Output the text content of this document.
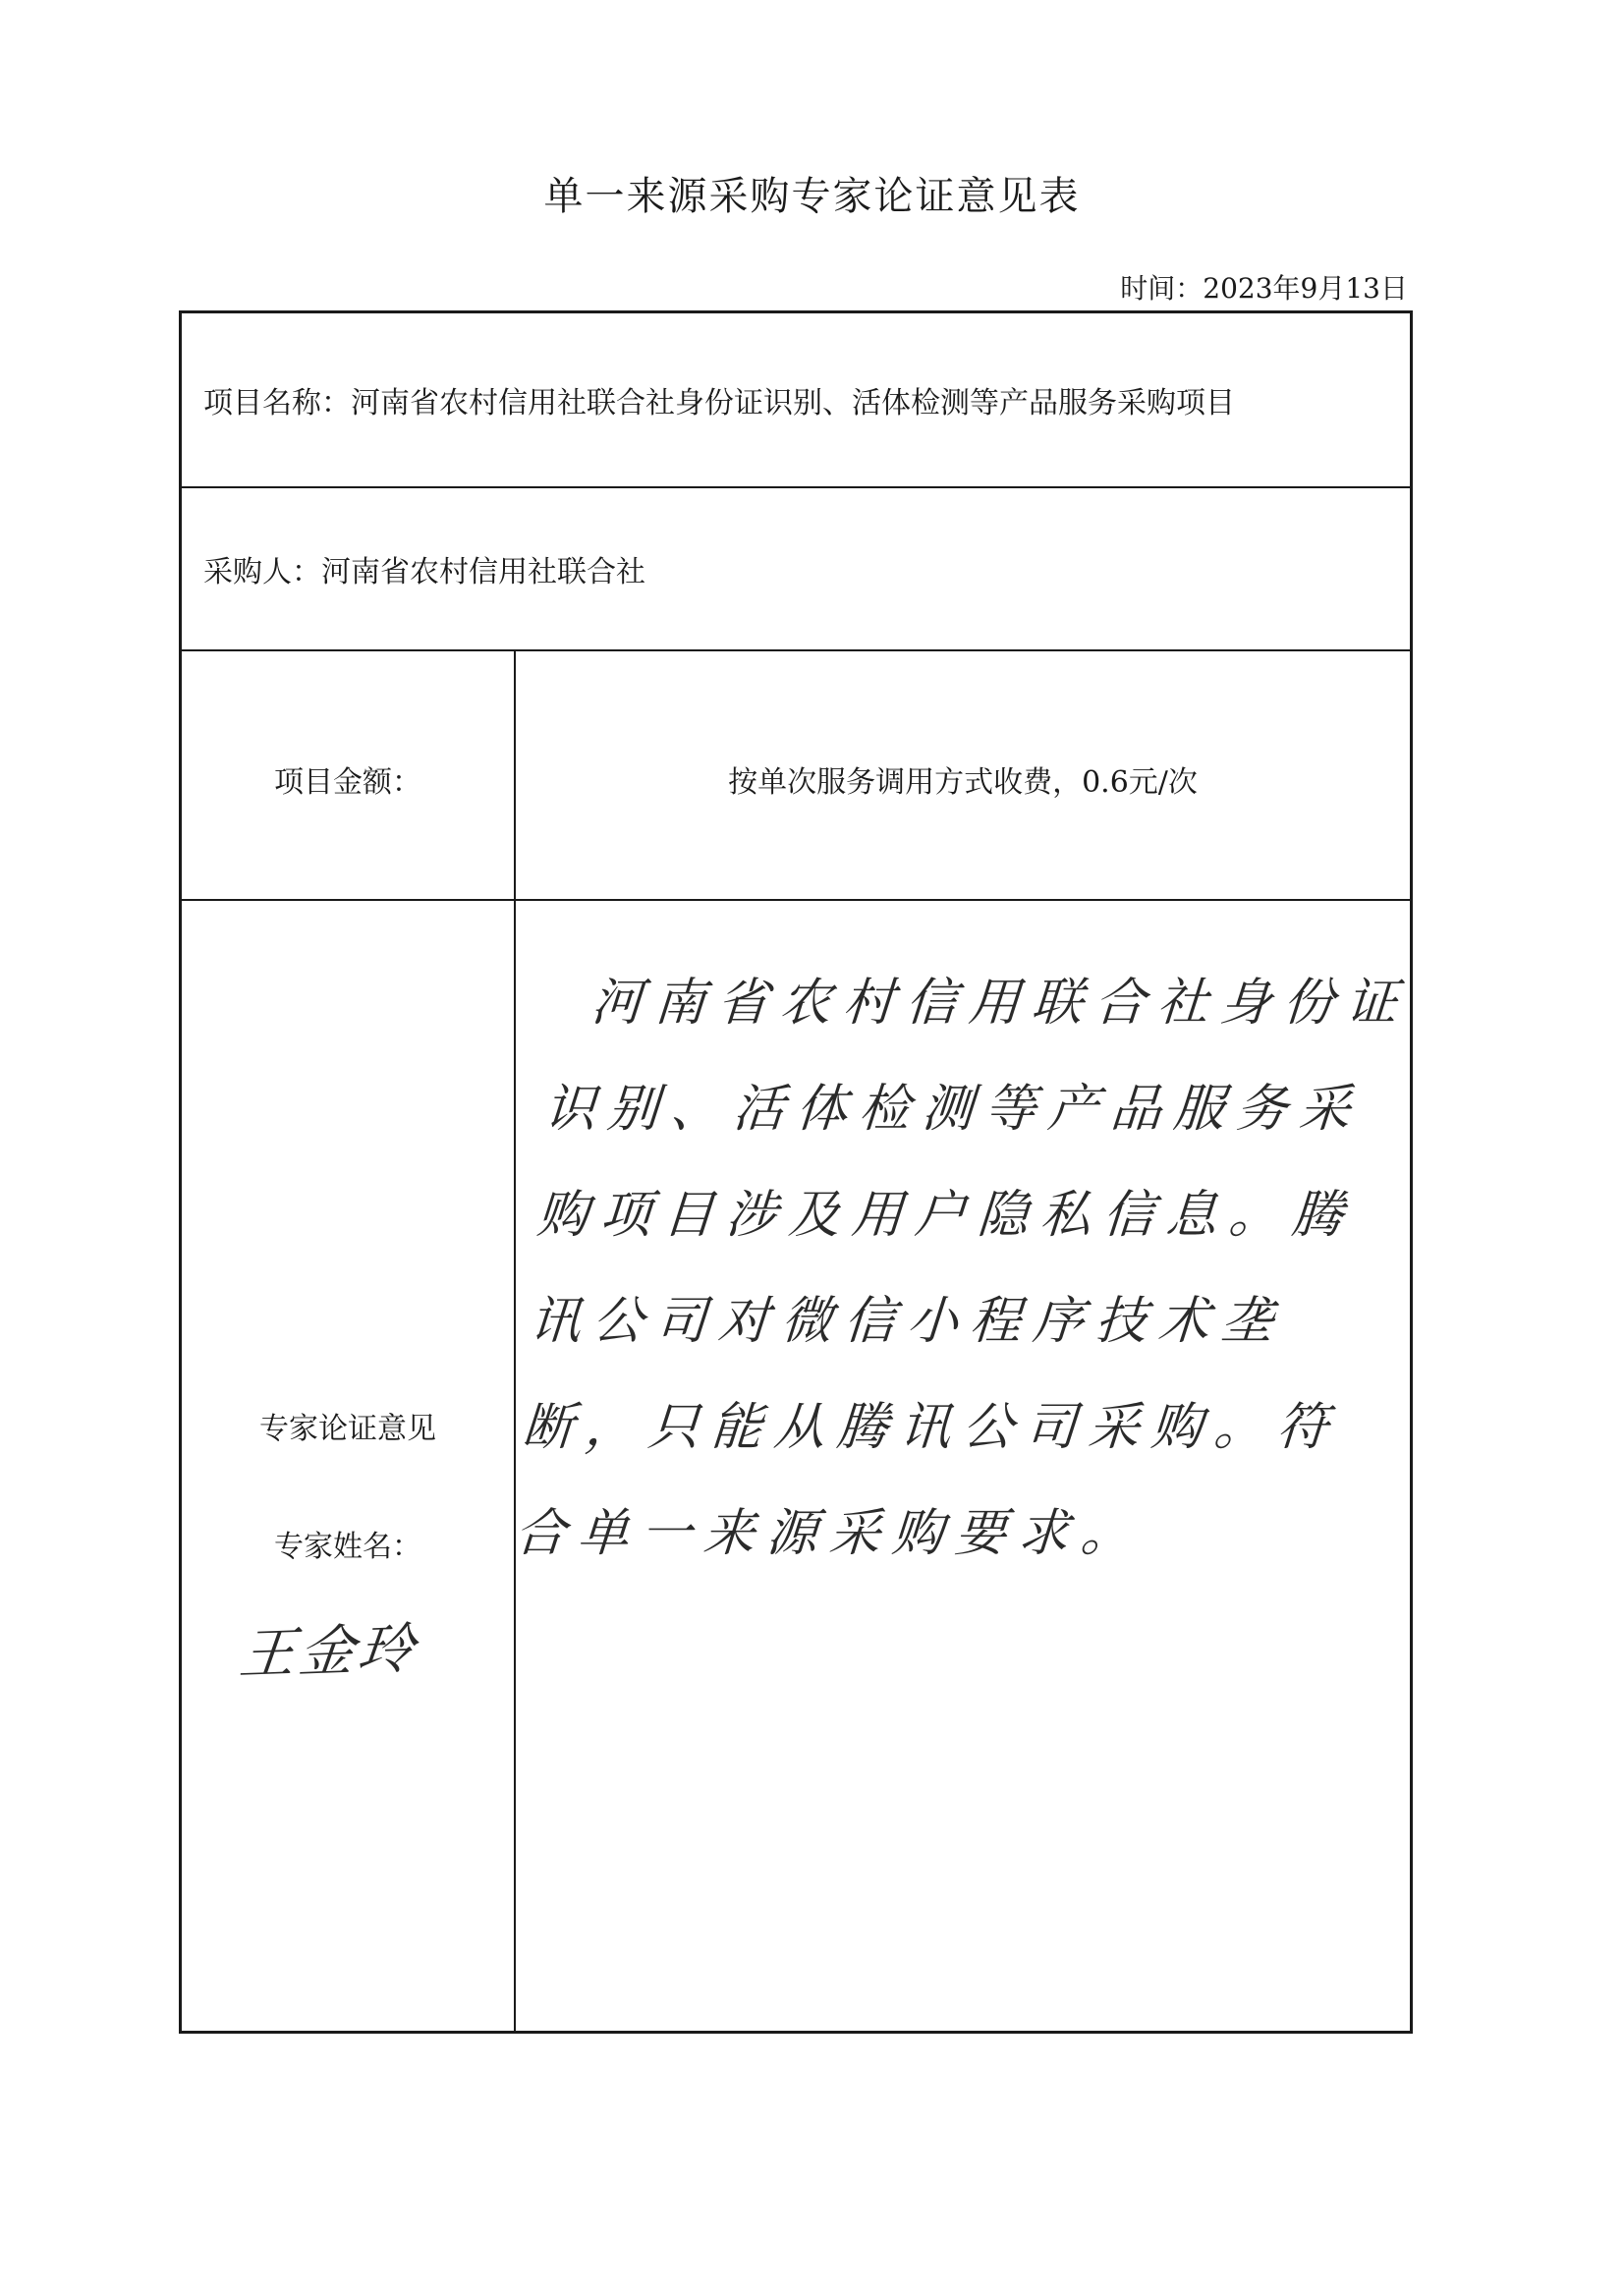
单一来源采购专家论证意见表
时间：2023年9月13日
项目名称：河南省农村信用社联合社身份证识别、活体检测等产品服务采购项目
采购人：河南省农村信用社联合社
项目金额：	按单次服务调用方式收费，0.6元/次
专家论证意见
专家姓名：
王金玲
河南省农村信用联合社身份证识别、活体检测等产品服务采购项目涉及用户隐私信息。腾讯公司对微信小程序技术垄断，只能从腾讯公司采购。符合单一来源采购要求。
